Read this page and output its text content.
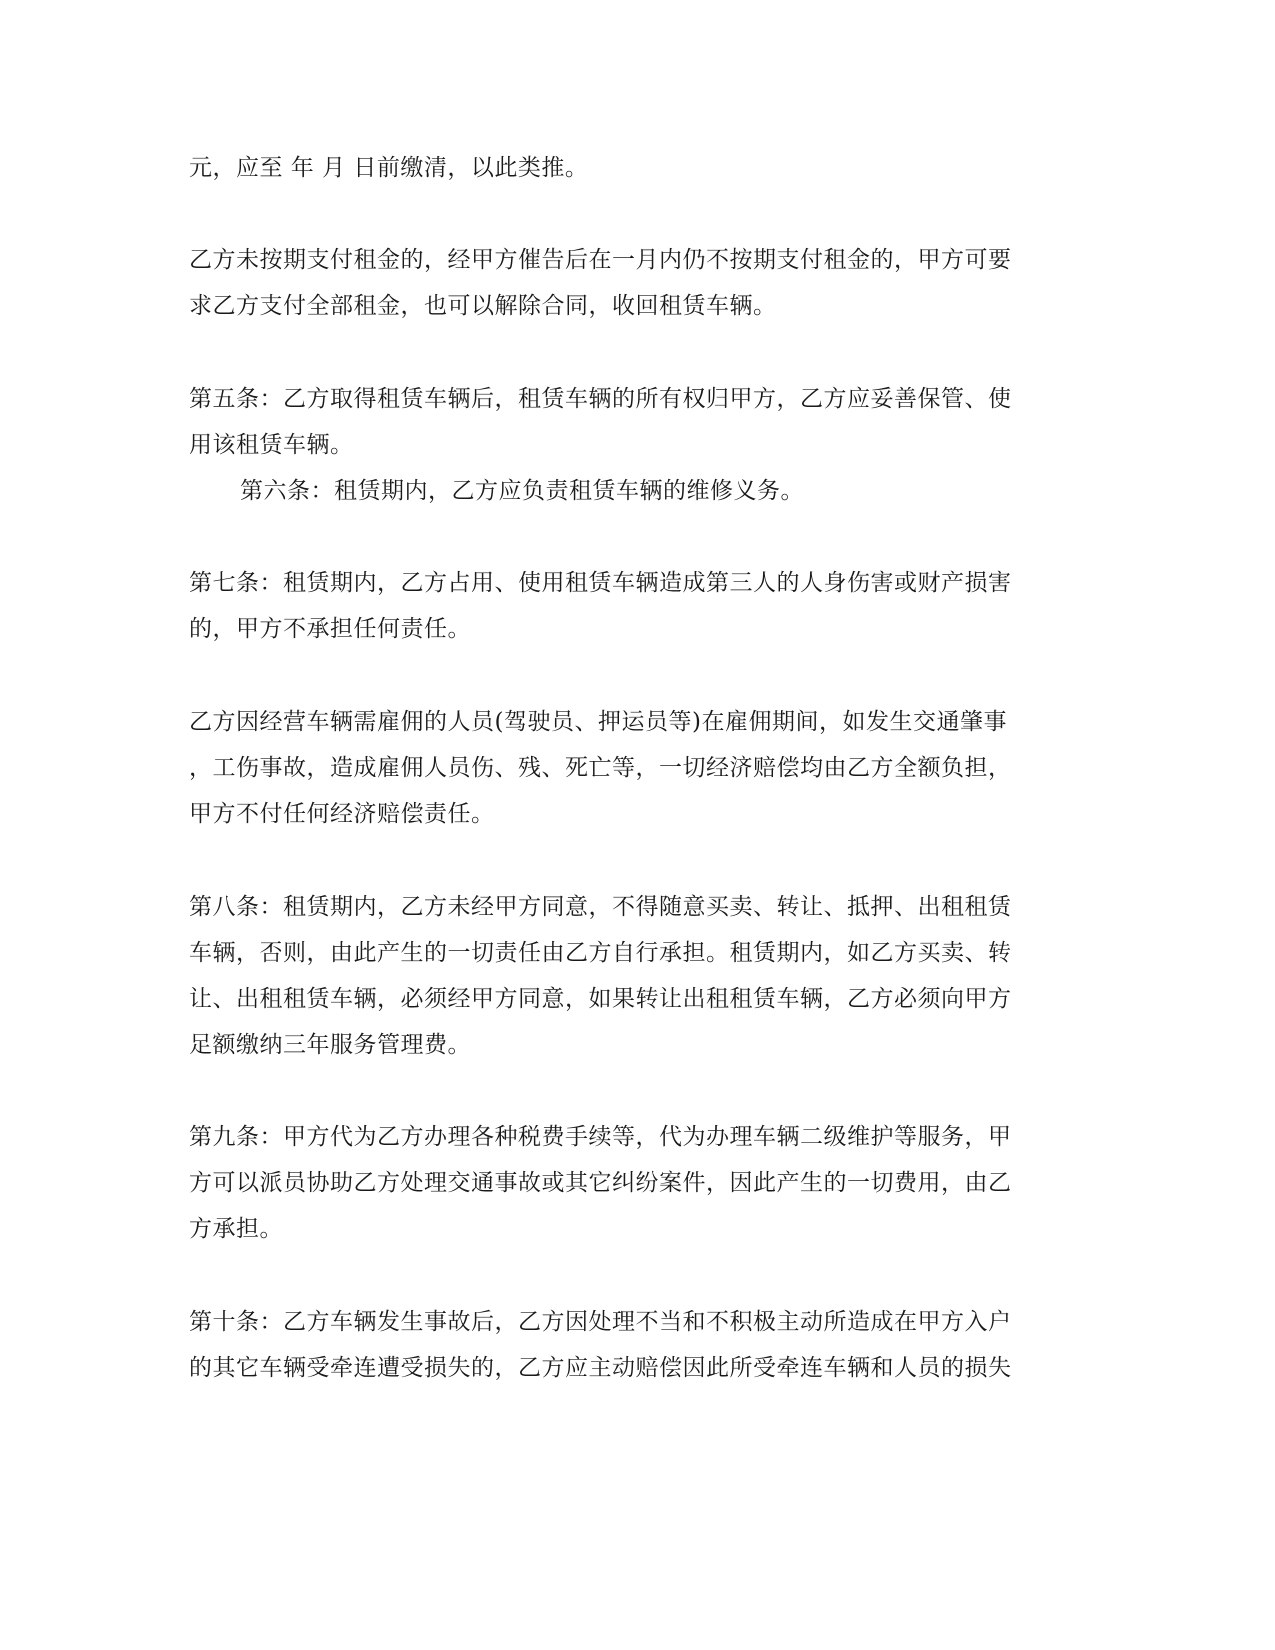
元，应至 年 月 日前缴清，以此类推。
乙方未按期支付租金的，经甲方催告后在一月内仍不按期支付租金的，甲方可要
求乙方支付全部租金，也可以解除合同，收回租赁车辆。
第五条：乙方取得租赁车辆后，租赁车辆的所有权归甲方，乙方应妥善保管、使
用该租赁车辆。
第六条：租赁期内，乙方应负责租赁车辆的维修义务。
第七条：租赁期内，乙方占用、使用租赁车辆造成第三人的人身伤害或财产损害
的，甲方不承担任何责任。
乙方因经营车辆需雇佣的人员(驾驶员、押运员等)在雇佣期间，如发生交通肇事
，工伤事故，造成雇佣人员伤、残、死亡等，一切经济赔偿均由乙方全额负担，
甲方不付任何经济赔偿责任。
第八条：租赁期内，乙方未经甲方同意，不得随意买卖、转让、抵押、出租租赁
车辆，否则，由此产生的一切责任由乙方自行承担。租赁期内，如乙方买卖、转
让、出租租赁车辆，必须经甲方同意，如果转让出租租赁车辆，乙方必须向甲方
足额缴纳三年服务管理费。
第九条：甲方代为乙方办理各种税费手续等，代为办理车辆二级维护等服务，甲
方可以派员协助乙方处理交通事故或其它纠纷案件，因此产生的一切费用，由乙
方承担。
第十条：乙方车辆发生事故后，乙方因处理不当和不积极主动所造成在甲方入户
的其它车辆受牵连遭受损失的，乙方应主动赔偿因此所受牵连车辆和人员的损失
